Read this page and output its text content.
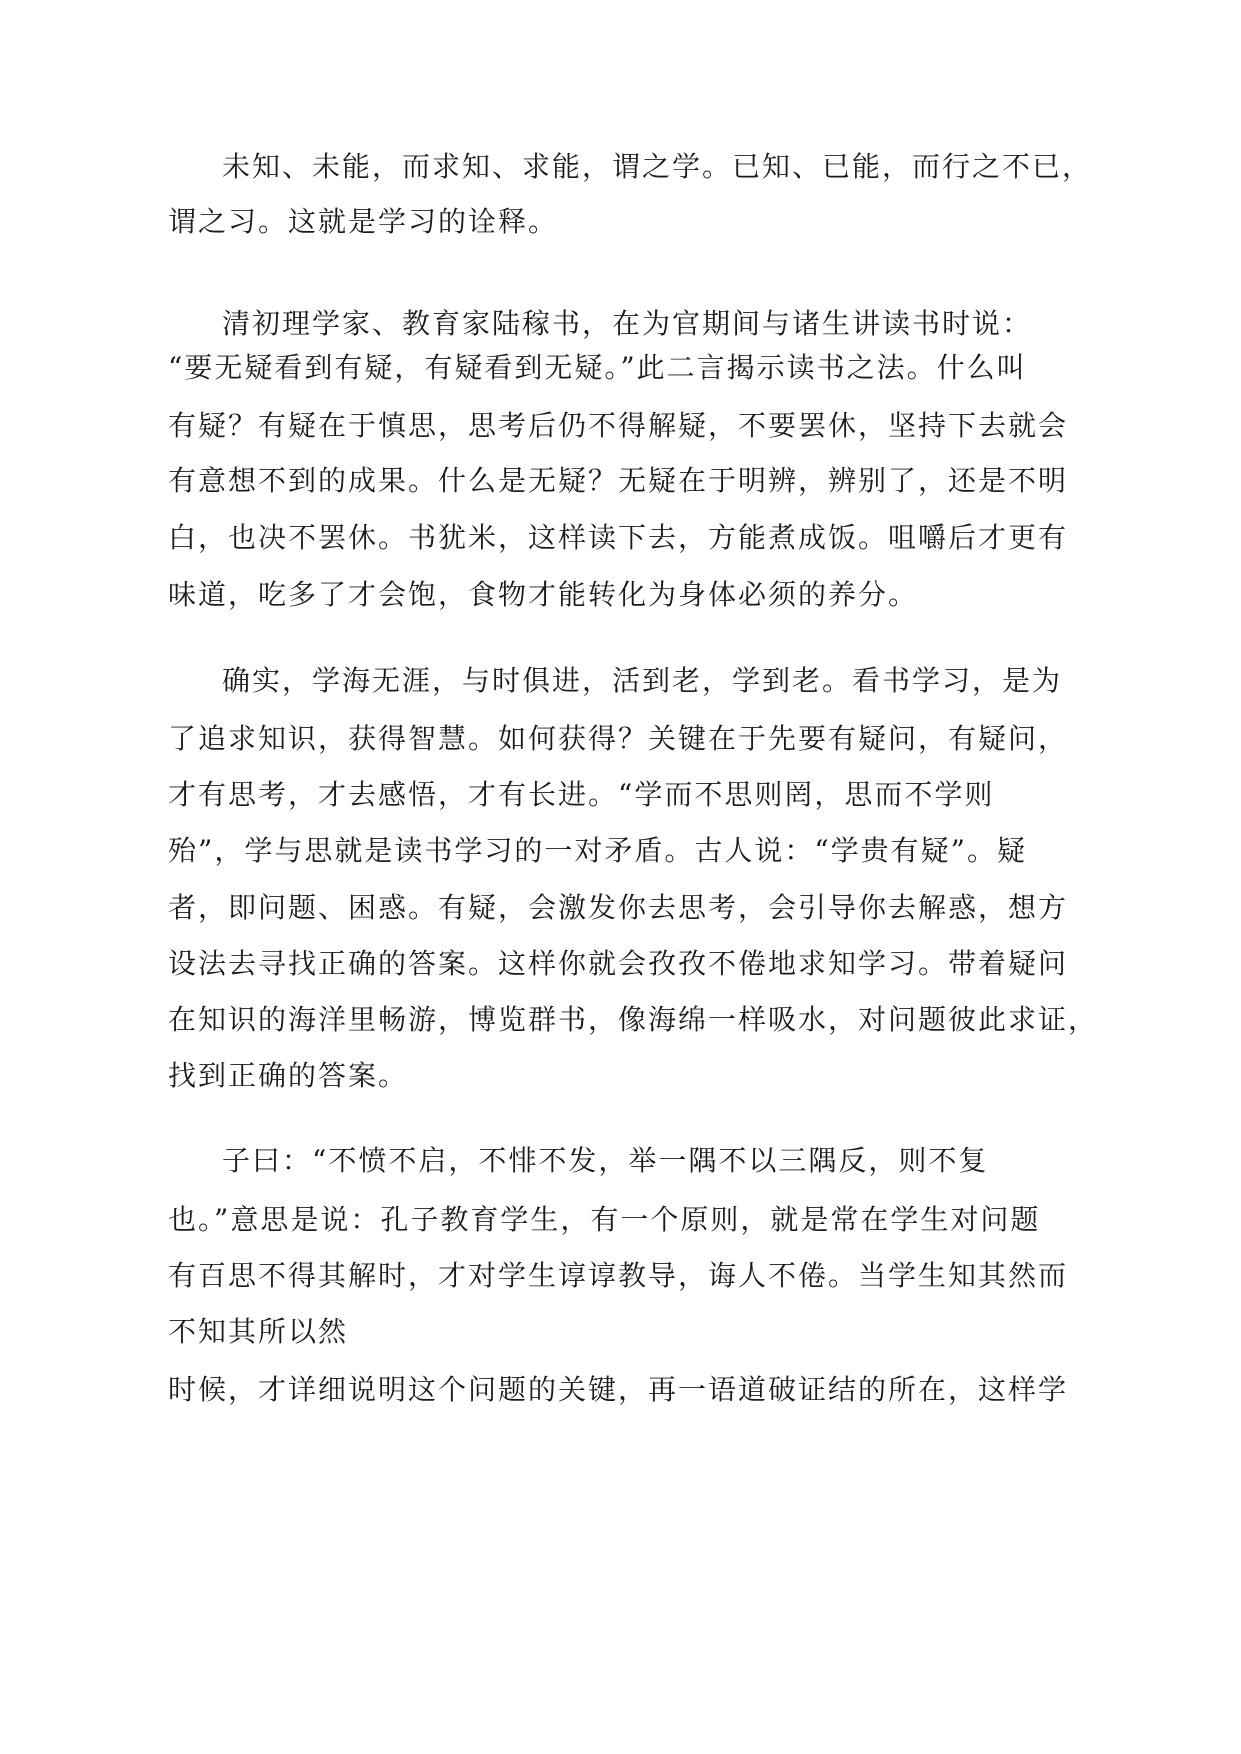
未知、未能，而求知、求能，谓之学。已知、已能，而行之不已，
谓之习。这就是学习的诠释。
清初理学家、教育家陆稼书，在为官期间与诸生讲读书时说：
“要无疑看到有疑，有疑看到无疑。”此二言揭示读书之法。什么叫
有疑？有疑在于慎思，思考后仍不得解疑，不要罢休，坚持下去就会
有意想不到的成果。什么是无疑？无疑在于明辨，辨别了，还是不明
白，也决不罢休。书犹米，这样读下去，方能煮成饭。咀嚼后才更有
味道，吃多了才会饱，食物才能转化为身体必须的养分。
确实，学海无涯，与时俱进，活到老，学到老。看书学习，是为
了追求知识，获得智慧。如何获得？关键在于先要有疑问，有疑问，
才有思考，才去感悟，才有长进。“学而不思则罔，思而不学则
殆”，学与思就是读书学习的一对矛盾。古人说：“学贵有疑”。疑
者，即问题、困惑。有疑，会激发你去思考，会引导你去解惑，想方
设法去寻找正确的答案。这样你就会孜孜不倦地求知学习。带着疑问
在知识的海洋里畅游，博览群书，像海绵一样吸水，对问题彼此求证，
找到正确的答案。
子曰：“不愤不启，不悱不发，举一隅不以三隅反，则不复
也。”意思是说：孔子教育学生，有一个原则，就是常在学生对问题
有百思不得其解时，才对学生谆谆教导，诲人不倦。当学生知其然而
不知其所以然
时候，才详细说明这个问题的关键，再一语道破证结的所在，这样学
